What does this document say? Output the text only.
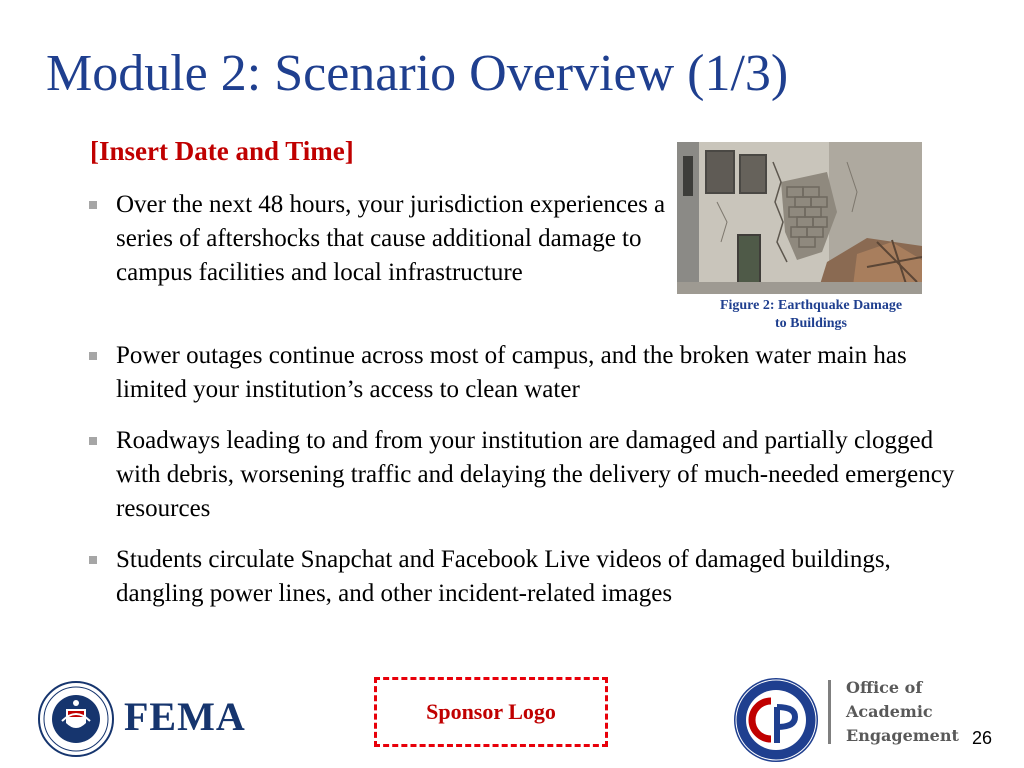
Module 2: Scenario Overview (1/3)
[Insert Date and Time]
Over the next 48 hours, your jurisdiction experiences a series of aftershocks that cause additional damage to campus facilities and local infrastructure
Power outages continue across most of campus, and the broken water main has limited your institution’s access to clean water
Roadways leading to and from your institution are damaged and partially clogged with debris, worsening traffic and delaying the delivery of much-needed emergency resources
Students circulate Snapchat and Facebook Live videos of damaged buildings, dangling power lines, and other incident-related images
Figure 2: Earthquake Damage
to Buildings
FEMA	Sponsor Logo
Office of
Academic
Engagement 26
